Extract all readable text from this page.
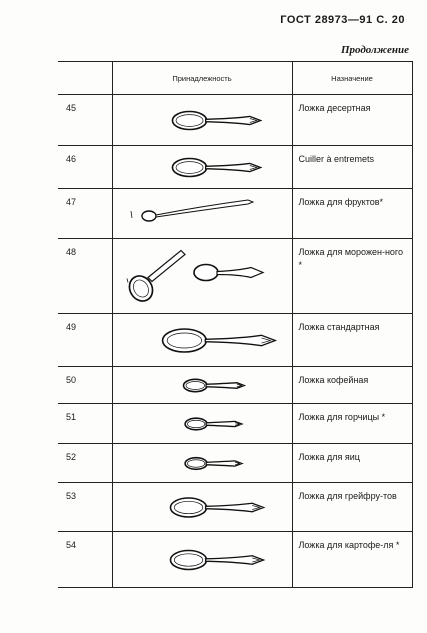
ГОСТ 28973—91 С. 20
Продолжение
	Принадлежность	Назначение
45		Ложка десертная
46		Cuiller à entremets
47		Ложка для фруктов*
48		Ложка для морожен-ного *
49		Ложка стандартная
50		Ложка кофейная
51		Ложка для горчицы *
52		Ложка для яиц
53		Ложка для грейфру-тов
54		Ложка для картофе-ля *
